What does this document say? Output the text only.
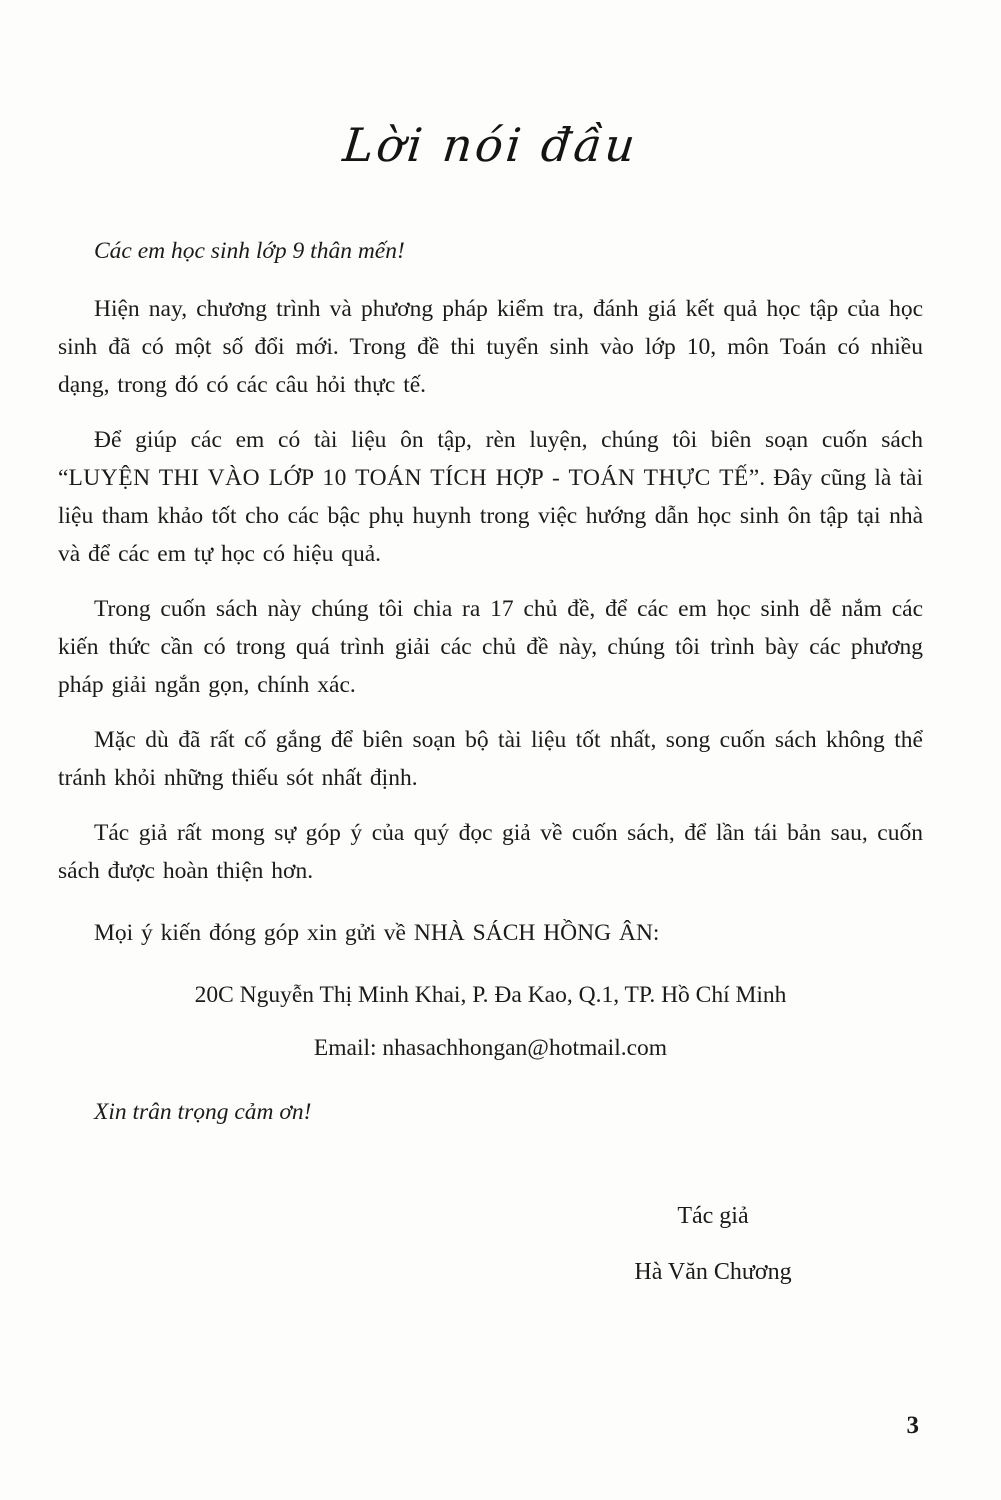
Lời nói đầu

Các em học sinh lớp 9 thân mến!

Hiện nay, chương trình và phương pháp kiểm tra, đánh giá kết quả học tập của học sinh đã có một số đổi mới. Trong đề thi tuyển sinh vào lớp 10, môn Toán có nhiều dạng, trong đó có các câu hỏi thực tế.

Để giúp các em có tài liệu ôn tập, rèn luyện, chúng tôi biên soạn cuốn sách “LUYỆN THI VÀO LỚP 10 TOÁN TÍCH HỢP - TOÁN THỰC TẾ”. Đây cũng là tài liệu tham khảo tốt cho các bậc phụ huynh trong việc hướng dẫn học sinh ôn tập tại nhà và để các em tự học có hiệu quả.

Trong cuốn sách này chúng tôi chia ra 17 chủ đề, để các em học sinh dễ nắm các kiến thức cần có trong quá trình giải các chủ đề này, chúng tôi trình bày các phương pháp giải ngắn gọn, chính xác.

Mặc dù đã rất cố gắng để biên soạn bộ tài liệu tốt nhất, song cuốn sách không thể tránh khỏi những thiếu sót nhất định.

Tác giả rất mong sự góp ý của quý đọc giả về cuốn sách, để lần tái bản sau, cuốn sách được hoàn thiện hơn.

Mọi ý kiến đóng góp xin gửi về NHÀ SÁCH HỒNG ÂN:

20C Nguyễn Thị Minh Khai, P. Đa Kao, Q.1, TP. Hồ Chí Minh

Email: nhasachhongan@hotmail.com

Xin trân trọng cảm ơn!

Tác giả
Hà Văn Chương
3
